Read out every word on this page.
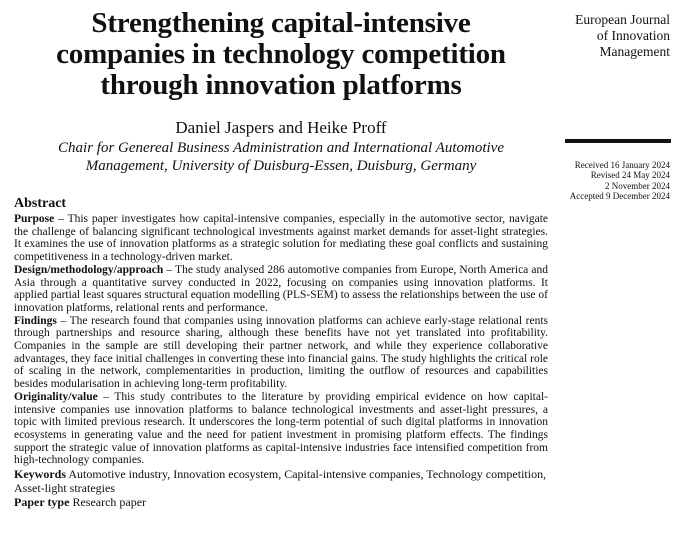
Strengthening capital-intensive
companies in technology competition
through innovation platforms
European Journal
of Innovation
Management
Daniel Jaspers and Heike Proff
Chair for Genereal Business Administration and International Automotive
Management, University of Duisburg-Essen, Duisburg, Germany	Received 16 January 2024
Revised 24 May 2024
2 November 2024
Accepted 9 December 2024
Abstract

Purpose – This paper investigates how capital-intensive companies, especially in the automotive sector, navigate the challenge of balancing significant technological investments against market demands for asset-light strategies. It examines the use of innovation platforms as a strategic solution for mediating these goal conflicts and sustaining competitiveness in a technology-driven market.

Design/methodology/approach – The study analysed 286 automotive companies from Europe, North America and Asia through a quantitative survey conducted in 2022, focusing on companies using innovation platforms. It applied partial least squares structural equation modelling (PLS-SEM) to assess the relationships between the use of innovation platforms, relational rents and performance.

Findings – The research found that companies using innovation platforms can achieve early-stage relational rents through partnerships and resource sharing, although these benefits have not yet translated into profitability. Companies in the sample are still developing their partner network, and while they experience collaborative advantages, they face initial challenges in converting these into financial gains. The study highlights the critical role of scaling in the network, complementarities in production, limiting the outflow of resources and capabilities besides modularisation in achieving long-term profitability.

Originality/value – This study contributes to the literature by providing empirical evidence on how capital-intensive companies use innovation platforms to balance technological investments and asset-light pressures, a topic with limited previous research. It underscores the long-term potential of such digital platforms in innovation ecosystems in generating value and the need for patient investment in promising platform effects. The findings support the strategic value of innovation platforms as capital-intensive industries face intensified competition from high-technology companies.

Keywords Automotive industry, Innovation ecosystem, Capital-intensive companies, Technology competition, Asset-light strategies

Paper type Research paper
